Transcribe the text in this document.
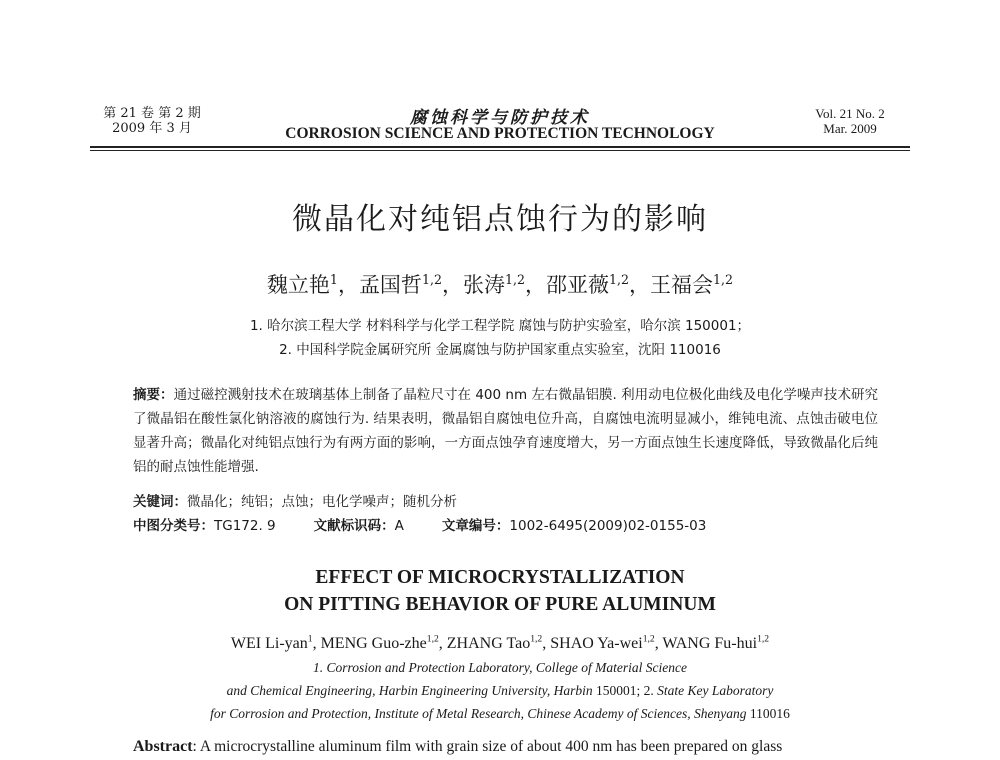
第 21 卷 第 2 期
2009 年 3 月
腐蚀科学与防护技术
CORROSION SCIENCE AND PROTECTION TECHNOLOGY
Vol. 21 No. 2
Mar. 2009
微晶化对纯铝点蚀行为的影响
魏立艳$^1$，孟国哲$^{1,2}$，张涛$^{1,2}$，邵亚薇$^{1,2}$，王福会$^{1,2}$
1. 哈尔滨工程大学 材料科学与化学工程学院 腐蚀与防护实验室，哈尔滨 150001；
2. 中国科学院金属研究所 金属腐蚀与防护国家重点实验室，沈阳 110016
摘要：通过磁控溅射技术在玻璃基体上制备了晶粒尺寸在 400 nm 左右微晶铝膜. 利用动电位极化曲线及电化学噪声技术研究了微晶铝在酸性氯化钠溶液的腐蚀行为. 结果表明，微晶铝自腐蚀电位升高，自腐蚀电流明显减小，维钝电流、点蚀击破电位显著升高；微晶化对纯铝点蚀行为有两方面的影响，一方面点蚀孕育速度增大，另一方面点蚀生长速度降低，导致微晶化后纯铝的耐点蚀性能增强.
关键词：微晶化；纯铝；点蚀；电化学噪声；随机分析
中图分类号：TG172. 9	文献标识码：A	文章编号：1002-6495(2009)02-0155-03
EFFECT OF MICROCRYSTALLIZATION
ON PITTING BEHAVIOR OF PURE ALUMINUM
WEI Li-yan$^1$, MENG Guo-zhe$^{1,2}$, ZHANG Tao$^{1,2}$, SHAO Ya-wei$^{1,2}$, WANG Fu-hui$^{1,2}$
1. Corrosion and Protection Laboratory, College of Material Science
and Chemical Engineering, Harbin Engineering University, Harbin 150001; 2. State Key Laboratory
for Corrosion and Protection, Institute of Metal Research, Chinese Academy of Sciences, Shenyang 110016
Abstract: A microcrystalline aluminum film with grain size of about 400 nm has been prepared on glass
